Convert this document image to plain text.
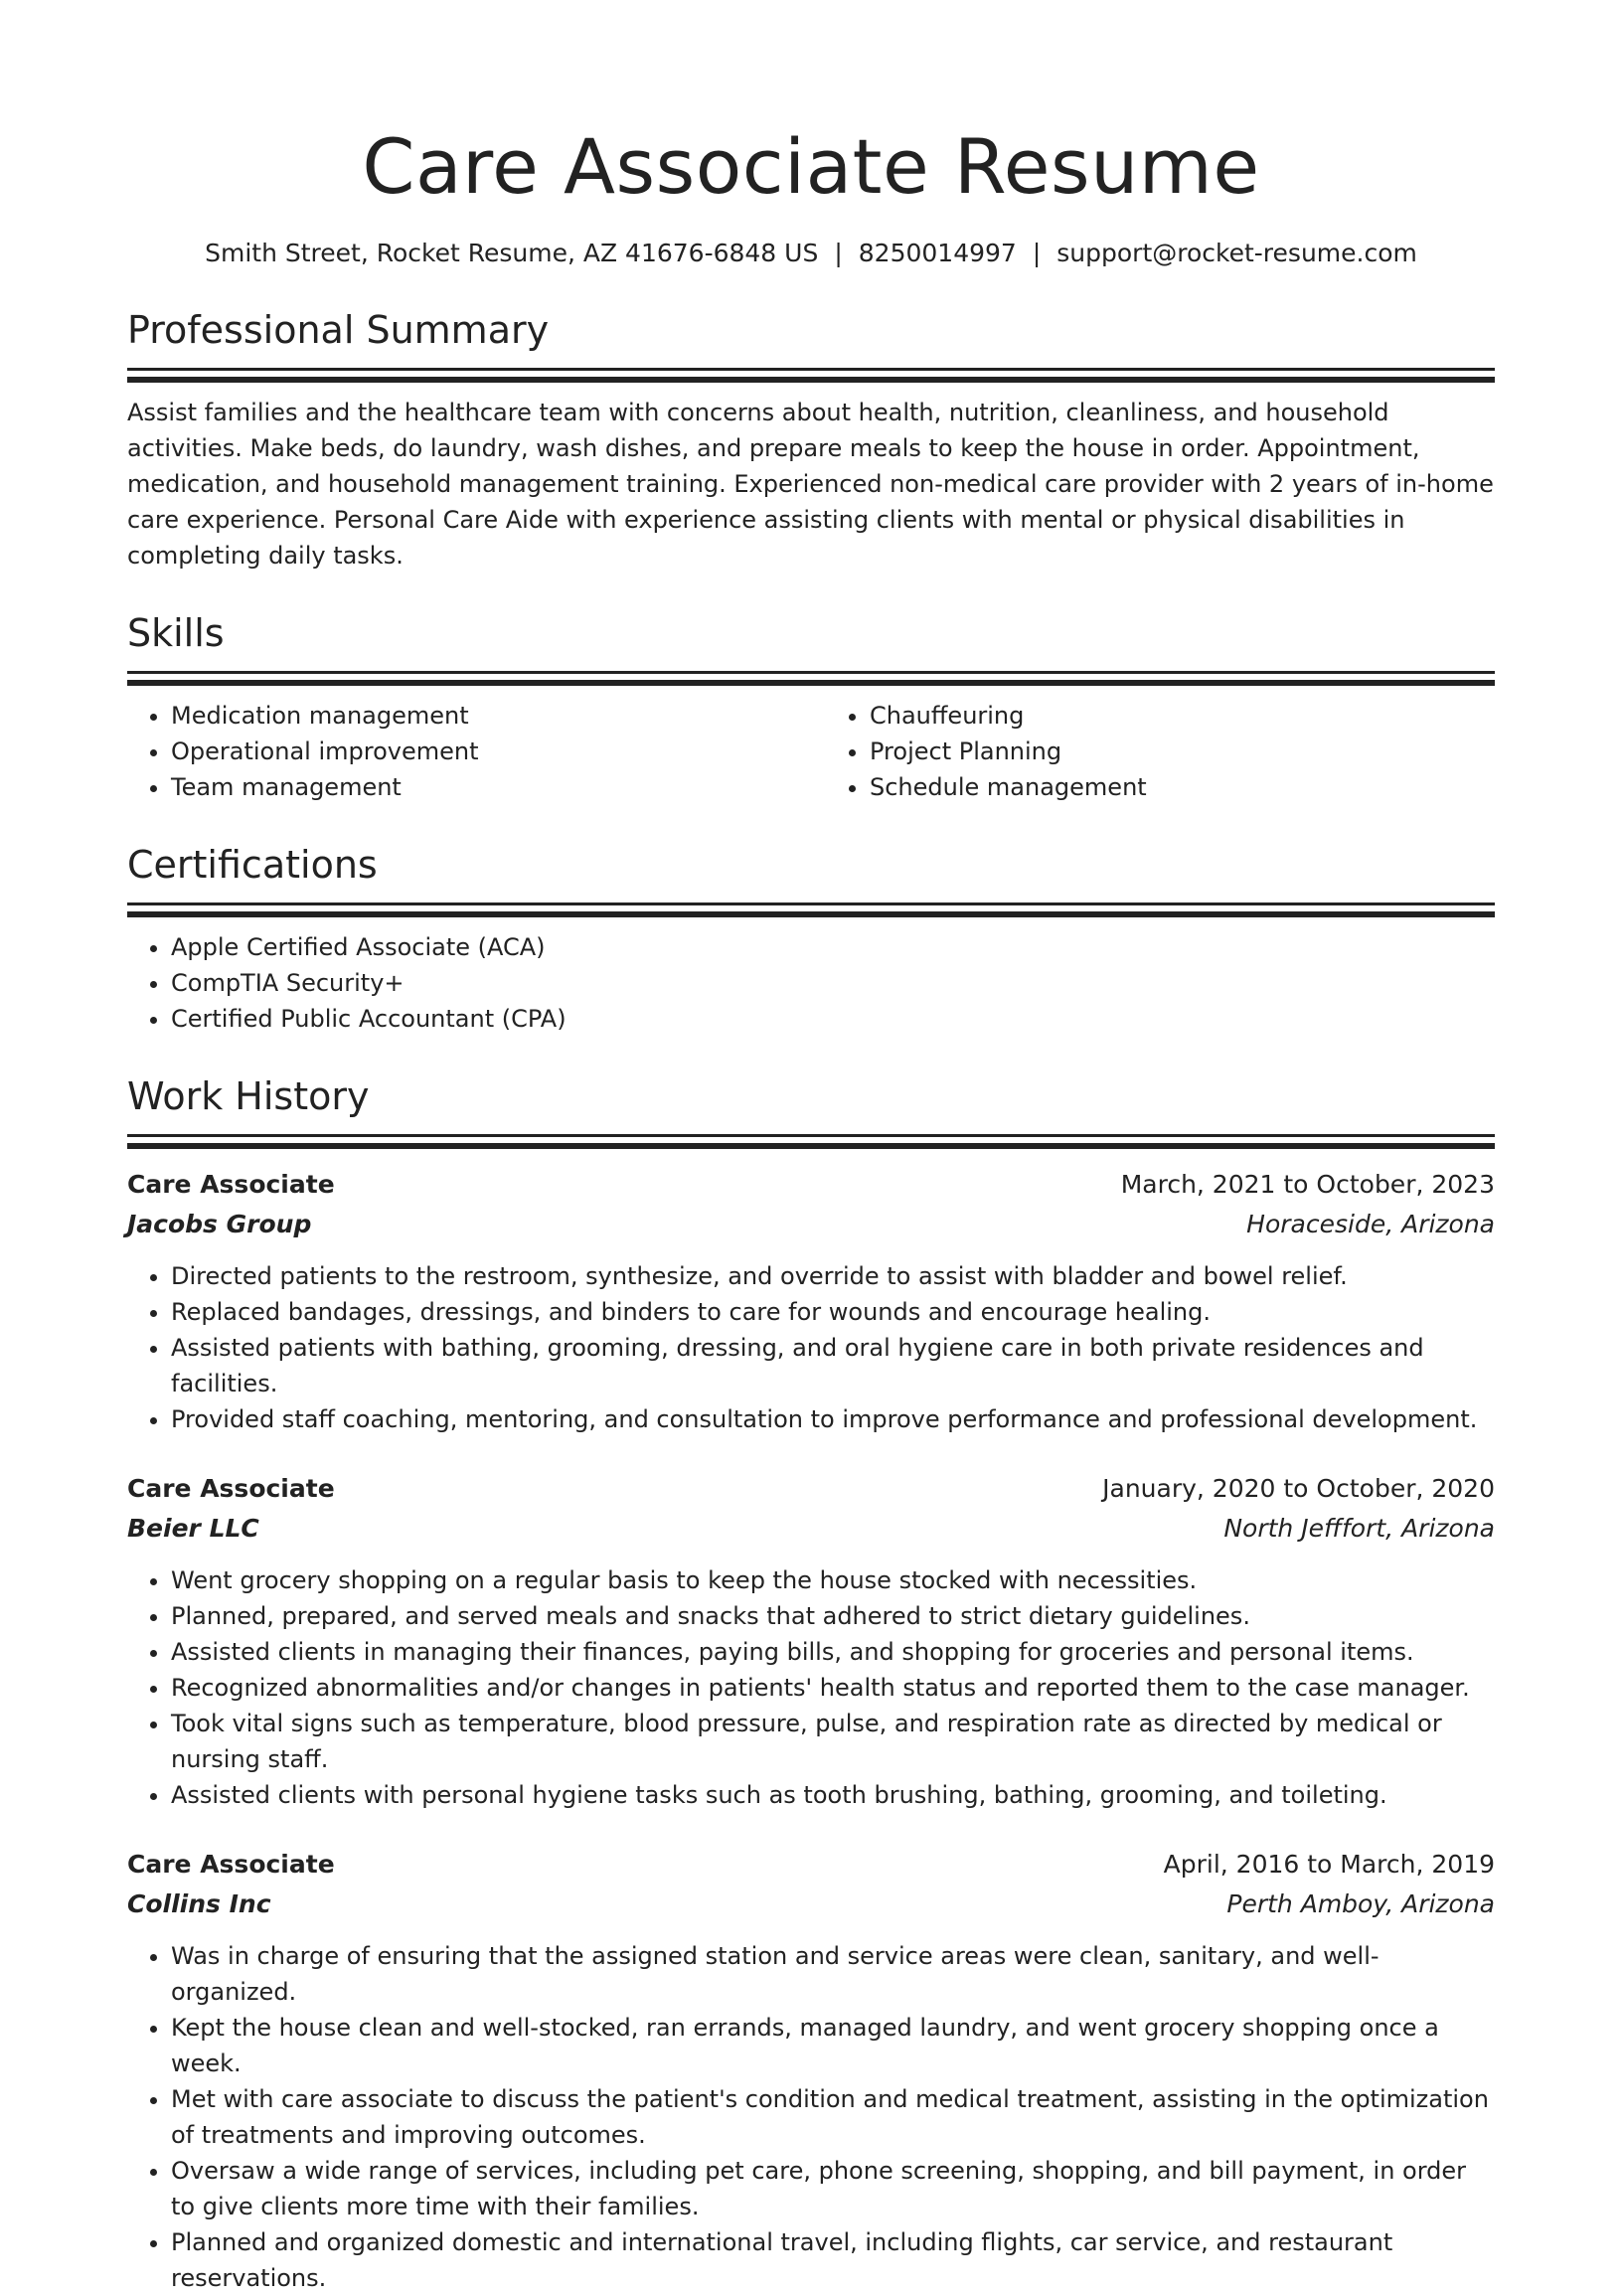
Care Associate Resume
Smith Street, Rocket Resume, AZ 41676-6848 US | 8250014997 | support@rocket-resume.com
Professional Summary
Assist families and the healthcare team with concerns about health, nutrition, cleanliness, and household activities. Make beds, do laundry, wash dishes, and prepare meals to keep the house in order. Appointment, medication, and household management training. Experienced non-medical care provider with 2 years of in-home care experience. Personal Care Aide with experience assisting clients with mental or physical disabilities in completing daily tasks.
Skills
• Medication management
• Operational improvement
• Team management
• Chauffeuring
• Project Planning
• Schedule management
Certifications
• Apple Certified Associate (ACA)
• CompTIA Security+
• Certified Public Accountant (CPA)
Work History
Care Associate	March, 2021 to October, 2023
Jacobs Group	Horaceside, Arizona
• Directed patients to the restroom, synthesize, and override to assist with bladder and bowel relief.
• Replaced bandages, dressings, and binders to care for wounds and encourage healing.
• Assisted patients with bathing, grooming, dressing, and oral hygiene care in both private residences and facilities.
• Provided staff coaching, mentoring, and consultation to improve performance and professional development.
Care Associate	January, 2020 to October, 2020
Beier LLC	North Jefffort, Arizona
• Went grocery shopping on a regular basis to keep the house stocked with necessities.
• Planned, prepared, and served meals and snacks that adhered to strict dietary guidelines.
• Assisted clients in managing their finances, paying bills, and shopping for groceries and personal items.
• Recognized abnormalities and/or changes in patients' health status and reported them to the case manager.
• Took vital signs such as temperature, blood pressure, pulse, and respiration rate as directed by medical or nursing staff.
• Assisted clients with personal hygiene tasks such as tooth brushing, bathing, grooming, and toileting.
Care Associate	April, 2016 to March, 2019
Collins Inc	Perth Amboy, Arizona
• Was in charge of ensuring that the assigned station and service areas were clean, sanitary, and well-organized.
• Kept the house clean and well-stocked, ran errands, managed laundry, and went grocery shopping once a week.
• Met with care associate to discuss the patient's condition and medical treatment, assisting in the optimization of treatments and improving outcomes.
• Oversaw a wide range of services, including pet care, phone screening, shopping, and bill payment, in order to give clients more time with their families.
• Planned and organized domestic and international travel, including flights, car service, and restaurant reservations.
